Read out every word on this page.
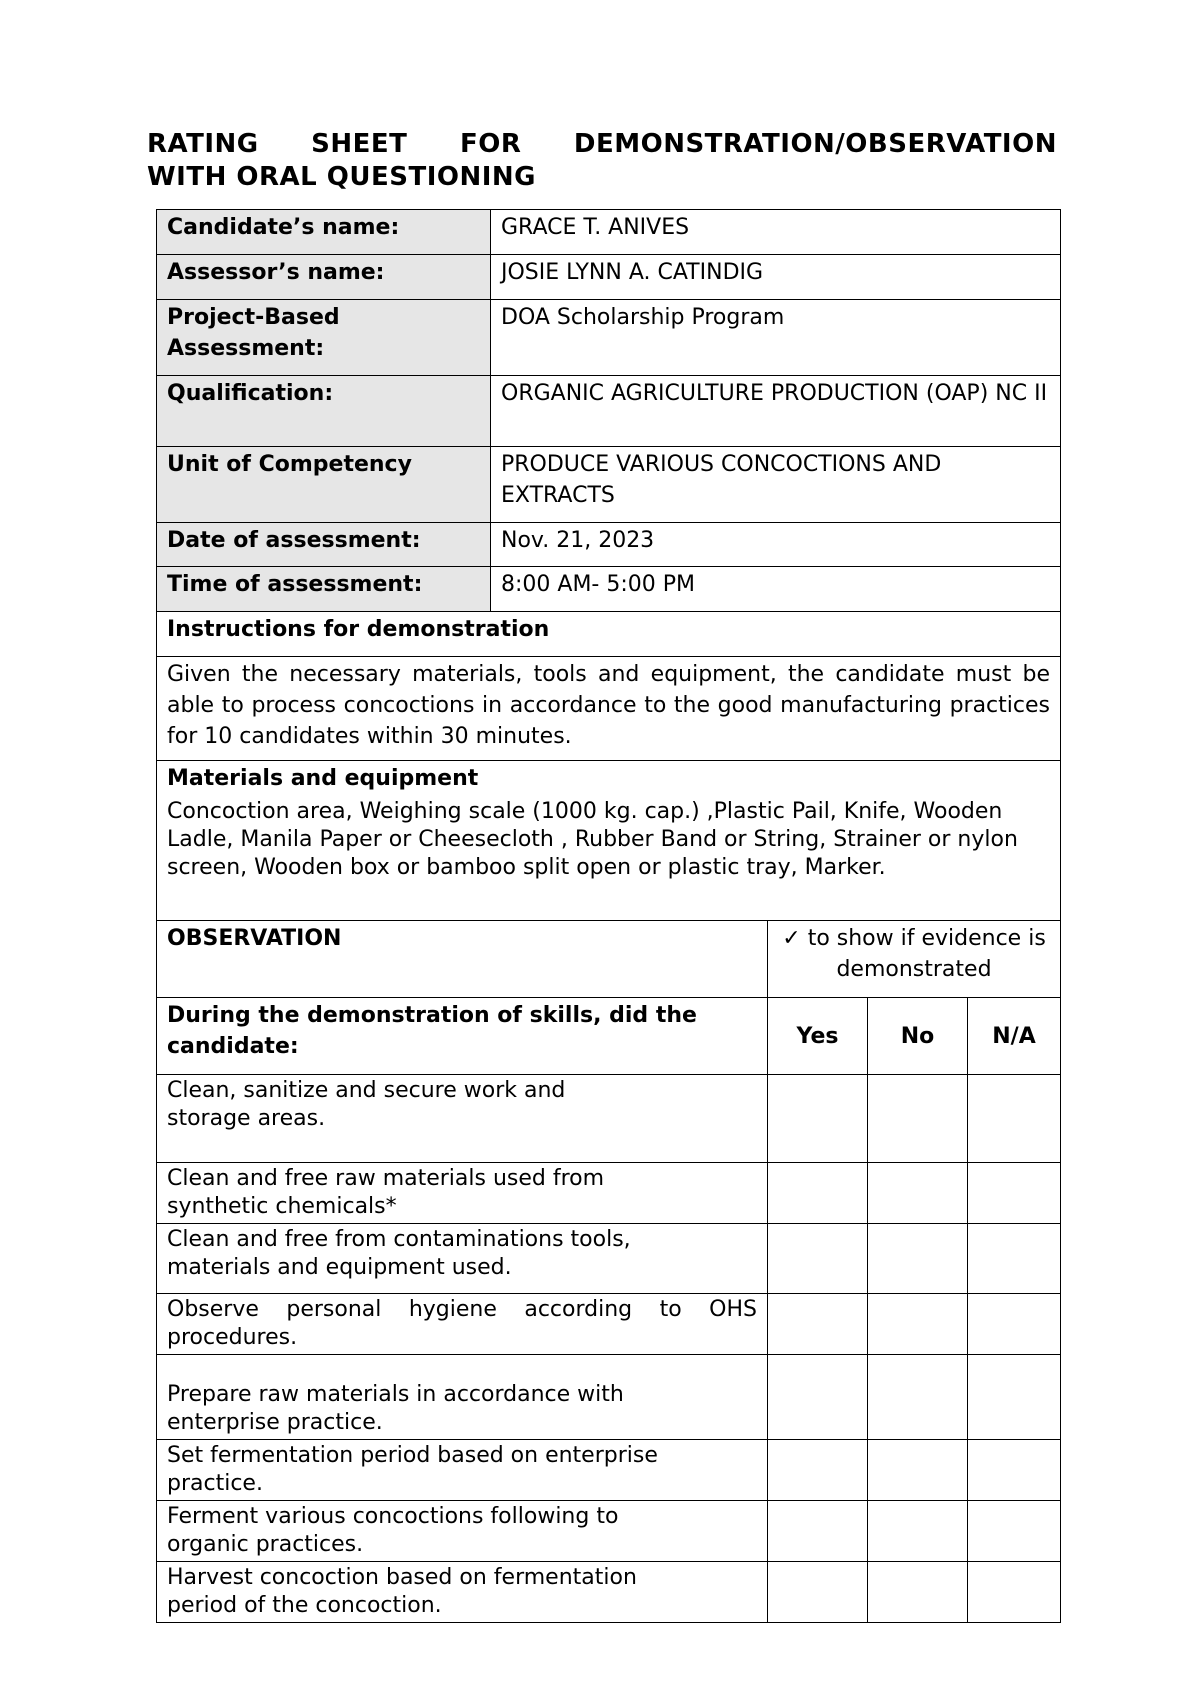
RATING SHEET FOR DEMONSTRATION/OBSERVATION
WITH ORAL QUESTIONING
Candidate’s name:	GRACE T. ANIVES
Assessor’s name:	JOSIE LYNN A. CATINDIG
Project-Based Assessment:	DOA Scholarship Program
Qualification:	ORGANIC AGRICULTURE PRODUCTION (OAP) NC II
Unit of Competency	PRODUCE VARIOUS CONCOCTIONS AND EXTRACTS
Date of assessment:	Nov. 21, 2023
Time of assessment:	8:00 AM- 5:00 PM
Instructions for demonstration	
Given the necessary materials, tools and equipment, the candidate must be able to process concoctions in accordance to the good manufacturing practices for 10 candidates within 30 minutes.	

Materials and equipment
Concoction area, Weighing scale (1000 kg. cap.) ,Plastic Pail, Knife, Wooden Ladle, Manila Paper or Cheesecloth , Rubber Band or String, Strainer or nylon screen, Wooden box or bamboo split open or plastic tray, Marker.	
OBSERVATION	✓ to show if evidence is demonstrated		
During the demonstration of skills, did the candidate:	Yes	No	N/A

Clean, sanitize and secure work and storage areas.			

Clean and free raw materials used from synthetic chemicals*			

Clean and free from contaminations tools, materials and equipment used.			

Observe personal hygiene according to OHS procedures.			

Prepare raw materials in accordance with enterprise practice.			

Set fermentation period based on enterprise practice.			

Ferment various concoctions following to organic practices.			

Harvest concoction based on fermentation period of the concoction.			
